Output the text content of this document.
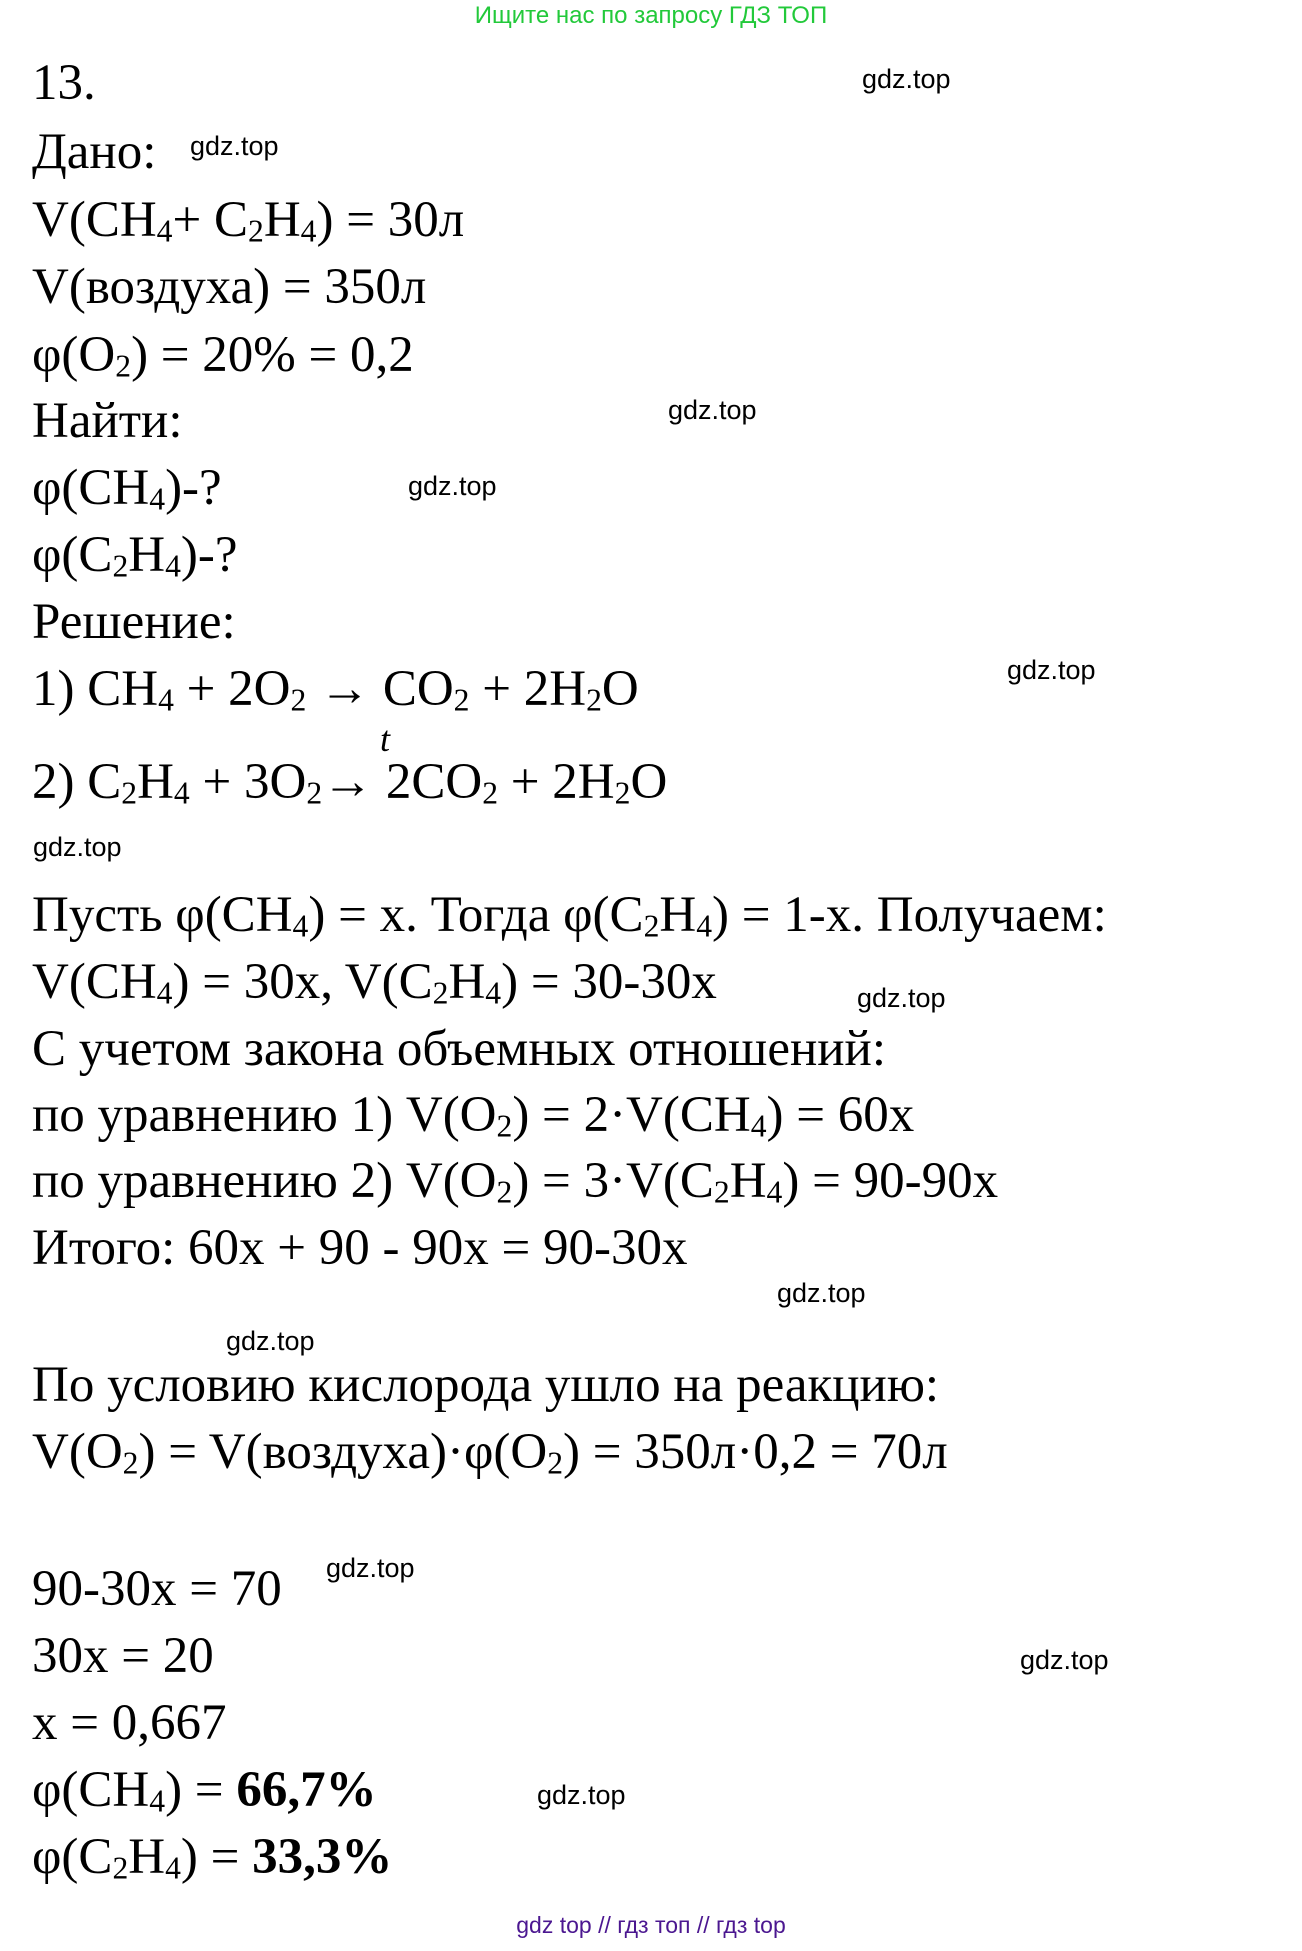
Ищите нас по запросу ГДЗ ТОП
13.
Дано:
$V(CH_4+ C_2H_4) = 30л$
V(воздуха) = 350л
$\varphi(O_2) = 20\% = 0,2$
Найти:
$\varphi(CH_4)-$?
$\varphi(C_2H_4)-$?
Решение:
1) $CH_4 + 2O_2 \to CO_2 + 2H_2O$
t
2) $C_2H_4 + 3O_2\to 2CO_2 + 2H_2O$
Пусть $\varphi(CH_4) = x$. Тогда $\varphi(C_2H_4) = 1-x$. Получаем:
$V(CH_4) = 30x$, $V(C_2H_4) = 30-30x$
С учетом закона объемных отношений:
по уравнению 1) $V(O_2) = 2\cdot V(CH_4) = 60x$
по уравнению 2) $V(O_2) = 3\cdot V(C_2H_4) = 90-90x$
Итого: 60x + 90 - 90x = 90-30x
По условию кислорода ушло на реакцию:
$V(O_2)$ = $V(воздуха)\cdot\varphi(O_2) = 350л\cdot 0,2 = 70л$
90-30x = 70
30x = 20
x = 0,667
$\varphi(CH_4) = 66,7\%$
$\varphi(C_2H_4) = 33,3\%$
gdz.top
gdz.top
gdz.top
gdz.top
gdz.top
gdz.top
gdz.top
gdz.top
gdz.top
gdz.top
gdz.top
gdz.top
gdz top // гдз топ // гдз top
